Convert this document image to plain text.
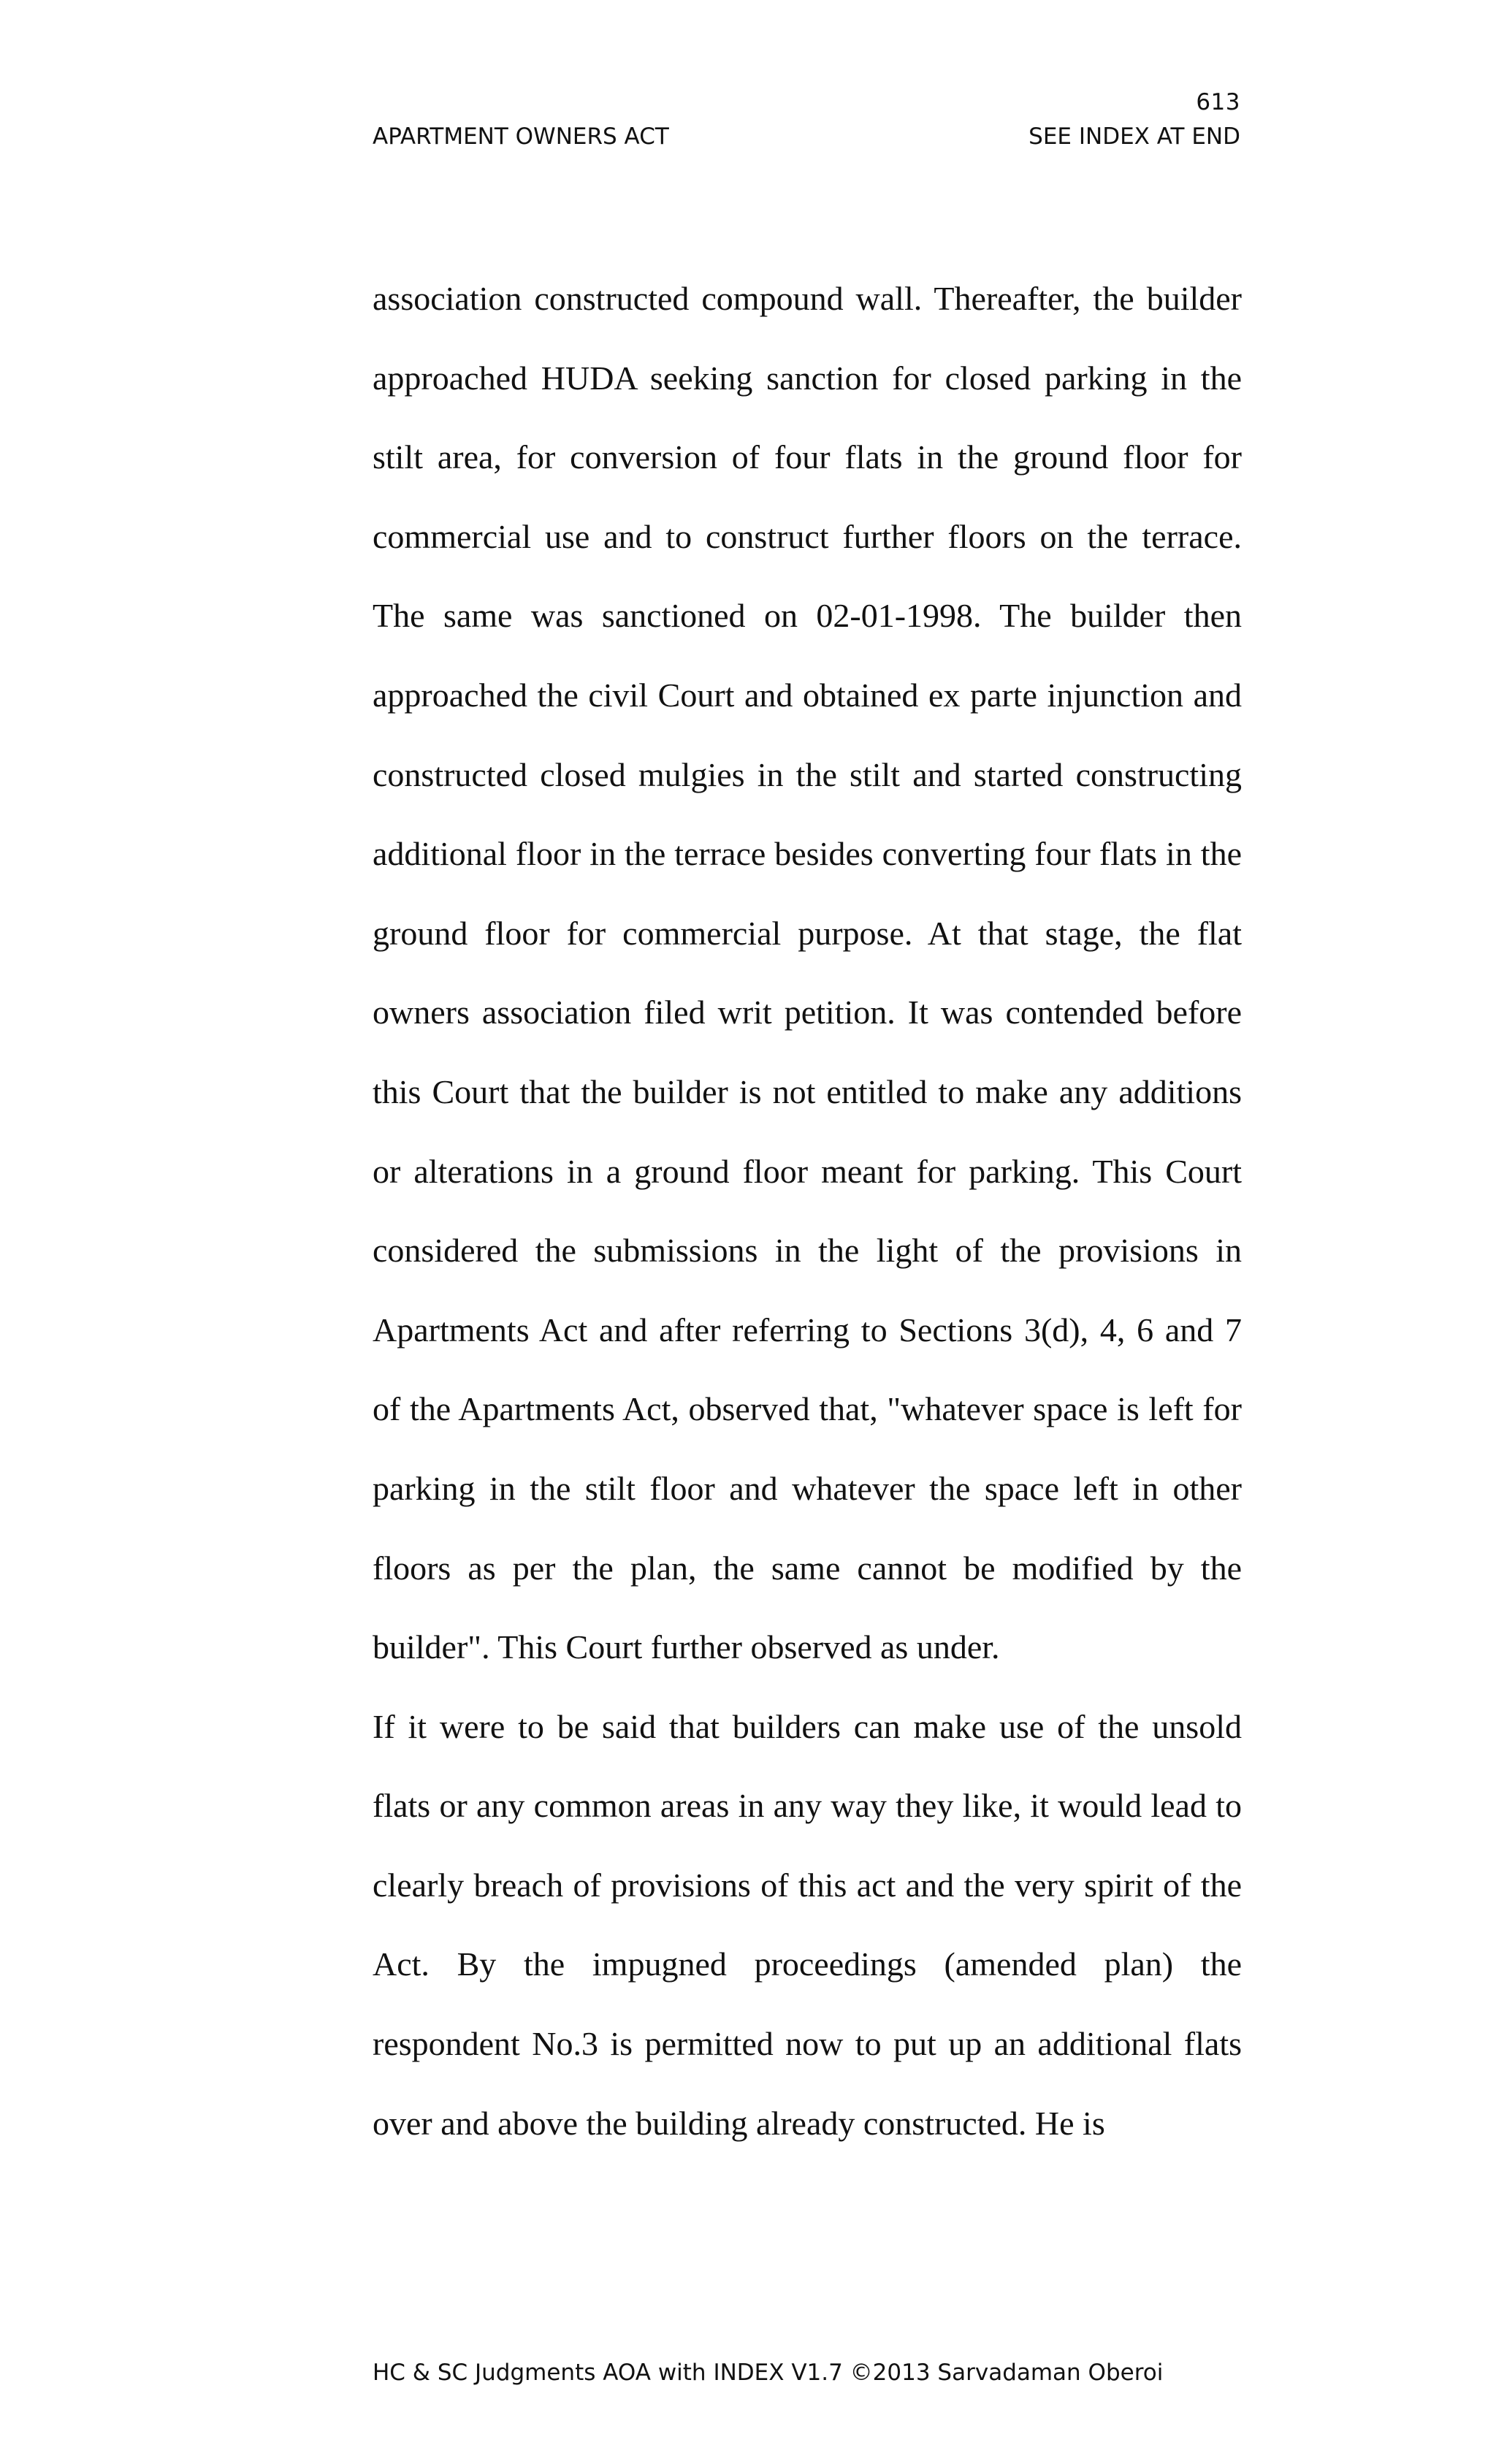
613
APARTMENT OWNERS ACT	SEE INDEX AT END

association constructed compound wall. Thereafter, the builder approached HUDA seeking sanction for closed parking in the stilt area, for conversion of four flats in the ground floor for commercial use and to construct further floors on the terrace. The same was sanctioned on 02-01-1998. The builder then approached the civil Court and obtained ex parte injunction and constructed closed mulgies in the stilt and started constructing additional floor in the terrace besides converting four flats in the ground floor for commercial purpose. At that stage, the flat owners association filed writ petition. It was contended before this Court that the builder is not entitled to make any additions or alterations in a ground floor meant for parking. This Court considered the submissions in the light of the provisions in Apartments Act and after referring to Sections 3(d), 4, 6 and 7 of the Apartments Act, observed that, "whatever space is left for parking in the stilt floor and whatever the space left in other floors as per the plan, the same cannot be modified by the builder". This Court further observed as under.

If it were to be said that builders can make use of the unsold flats or any common areas in any way they like, it would lead to clearly breach of provisions of this act and the very spirit of the Act. By the impugned proceedings (amended plan) the respondent No.3 is permitted now to put up an additional flats over and above the building already constructed. He is

HC & SC Judgments AOA with INDEX V1.7 ©2013 Sarvadaman Oberoi
